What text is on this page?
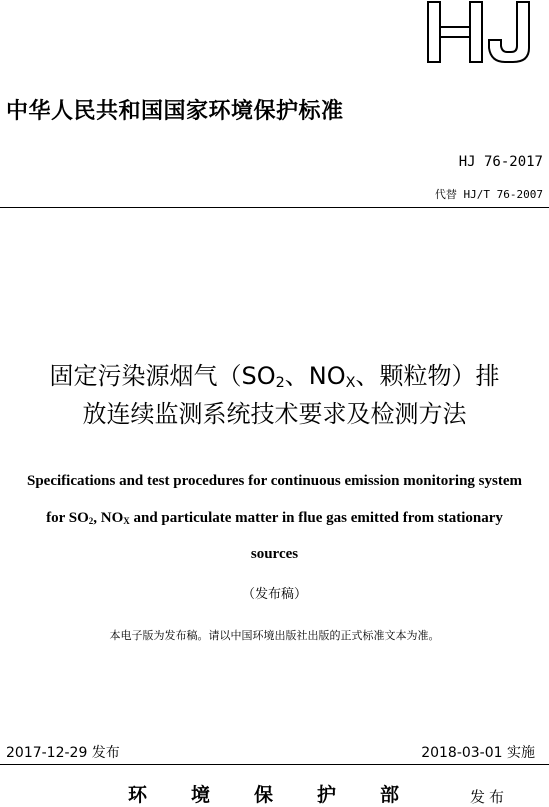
中华人民共和国国家环境保护标准
HJ 76-2017
代替 HJ/T 76-2007
固定污染源烟气（$SO_2$、$NO_X$、颗粒物）排
放连续监测系统技术要求及检测方法
Specifications and test procedures for continuous emission monitoring system
for $SO_2$, $NO_X$ and particulate matter in flue gas emitted from stationary
sources
（发布稿）
本电子版为发布稿。请以中国环境出版社出版的正式标准文本为准。
2017-12-29 发布	2018-03-01 实施
环境保护部 发布
